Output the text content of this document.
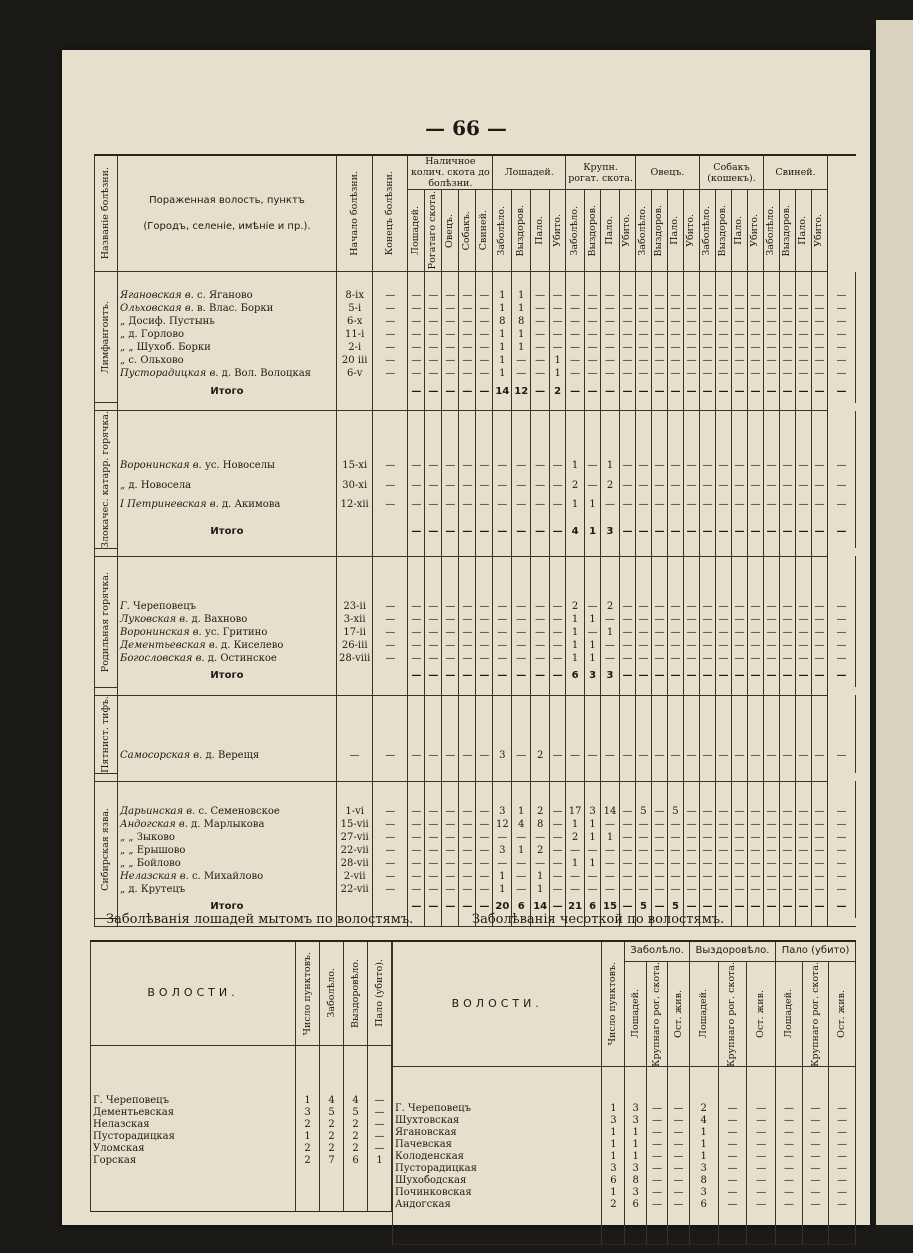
— 66 —
Названіе болѣзни.	Пораженная волость, пунктъ
(Городъ, селеніе, имѣніе и пр.).	Начало болѣзни.	Конецъ болѣзни.	Наличное колич. скота до болѣзни.					Лошадей.				Крупн. рогат. скота.				Овецъ.				Собакъ (кошекъ).				Свиней.				

				Лошадей.	Рогатаго скота.	Овецъ.	Собакъ.	Свиней.	Заболѣло.	Выздоров.	Пало.	Убито.	Заболѣло.	Выздоров.	Пало.	Убито.	Заболѣло.	Выздоров.	Пало.	Убито.	Заболѣло.	Выздоров.	Пало.	Убито.	Заболѣло.	Выздоров.	Пало.	Убито.	

Лимфангоитъ.																													

	Ягановская в. с. Яганово	8-ix	—	—	—	—	—	—	1	1	—	—	—	—	—	—	—	—	—	—	—	—	—	—	—	—	—	—	—
	Ольховская в. в. Влас. Борки	5-i	—	—	—	—	—	—	1	1	—	—	—	—	—	—	—	—	—	—	—	—	—	—	—	—	—	—	—
	„ Досиф. Пустынь	6-x	—	—	—	—	—	—	8	8	—	—	—	—	—	—	—	—	—	—	—	—	—	—	—	—	—	—	—
	„ д. Горлово	11-i	—	—	—	—	—	—	1	1	—	—	—	—	—	—	—	—	—	—	—	—	—	—	—	—	—	—	—
	„ „ Шухоб. Борки	2-i	—	—	—	—	—	—	1	1	—	—	—	—	—	—	—	—	—	—	—	—	—	—	—	—	—	—	—
	„ с. Ольхово	20 iii	—	—	—	—	—	—	1	—	—	1	—	—	—	—	—	—	—	—	—	—	—	—	—	—	—	—	—
	Пусторадицкая в. д. Вол. Волоцкая	6-v	—	—	—	—	—	—	1	—	—	1	—	—	—	—	—	—	—	—	—	—	—	—	—	—	—	—	—
	Итого			—	—	—	—	—	14	12	—	2	—	—	—	—	—	—	—	—	—	—	—	—	—	—	—	—	—

Злокачес. катарр. горячка.																													

	Воронинская в. ус. Новоселы	15-xi	—	—	—	—	—	—	—	—	—	—	1	—	1	—	—	—	—	—	—	—	—	—	—	—	—	—	—
	„ д. Новосела	30-xi	—	—	—	—	—	—	—	—	—	—	2	—	2	—	—	—	—	—	—	—	—	—	—	—	—	—	—
	I Петриневская в. д. Акимова	12-xii	—	—	—	—	—	—	—	—	—	—	1	1	—	—	—	—	—	—	—	—	—	—	—	—	—	—	—
	Итого			—	—	—	—	—	—	—	—	—	4	1	3	—	—	—	—	—	—	—	—	—	—	—	—	—	—

Родильная горячка.																													

	Г. Череповецъ	23-ii	—	—	—	—	—	—	—	—	—	—	2	—	2	—	—	—	—	—	—	—	—	—	—	—	—	—	—
	Луковская в. д. Вахново	3-xii	—	—	—	—	—	—	—	—	—	—	1	1	—	—	—	—	—	—	—	—	—	—	—	—	—	—	—
	Воронинская в. ус. Гритино	17-ii	—	—	—	—	—	—	—	—	—	—	1	—	1	—	—	—	—	—	—	—	—	—	—	—	—	—	—
	Дементьевская в. д. Киселево	26-iii	—	—	—	—	—	—	—	—	—	—	1	1	—	—	—	—	—	—	—	—	—	—	—	—	—	—	—
	Богословская в. д. Остинское	28-viii	—	—	—	—	—	—	—	—	—	—	1	1	—	—	—	—	—	—	—	—	—	—	—	—	—	—	—
	Итого			—	—	—	—	—	—	—	—	—	6	3	3	—	—	—	—	—	—	—	—	—	—	—	—	—	—

Пятнист. тифъ.																													

	Самосорская в. д. Верещя	—	—	—	—	—	—	—	3	—	2	—	—	—	—	—	—	—	—	—	—	—	—	—	—	—	—	—	—

Сибирская язва.																													

	Дарьинская в. с. Семеновское	1-vi	—	—	—	—	—	—	3	1	2	—	17	3	14	—	5	—	5	—	—	—	—	—	—	—	—	—	—
	Андогская в. д. Марлыкова	15-vii	—	—	—	—	—	—	12	4	8	—	1	1	—	—	—	—	—	—	—	—	—	—	—	—	—	—	—
	„ „ Зыково	27-vii	—	—	—	—	—	—	—	—	—	—	2	1	1	—	—	—	—	—	—	—	—	—	—	—	—	—	—
	„ „ Ерышово	22-vii	—	—	—	—	—	—	3	1	2	—	—	—	—	—	—	—	—	—	—	—	—	—	—	—	—	—	—
	„ „ Бойлово	28-vii	—	—	—	—	—	—	—	—	—	—	1	1	—	—	—	—	—	—	—	—	—	—	—	—	—	—	—
	Нелазская в. с. Михайлово	2-vii	—	—	—	—	—	—	1	—	1	—	—	—	—	—	—	—	—	—	—	—	—	—	—	—	—	—	—
	„ д. Крутецъ	22-vii	—	—	—	—	—	—	1	—	1	—	—	—	—	—	—	—	—	—	—	—	—	—	—	—	—	—	—
	Итого			—	—	—	—	—	20	6	14	—	21	6	15	—	5	—	5	—	—	—	—	—	—	—	—	—	—

Заболѣванія лошадей мытомъ по волостямъ.	Заболѣванія чесоткой по волостямъ.
ВОЛОСТИ.	Число пунктовъ.	Заболѣло.	Выздоровѣло.	Пало (убито).

Г. Череповецъ	1	4	4	—
Дементьевская	3	5	5	—
Нелазская	2	2	2	—
Пусторадицкая	1	2	2	—
Уломская	2	2	2	—
Горская	2	7	6	1

ВОЛОСТИ.	Число пунктовъ.	Заболѣло.			Выздоровѣло.			Пало (убито)		

		Лошадей.	Крупнаго рог. скота.	Ост. жив.	Лошадей.	Крупнаго рог. скота.	Ост. жив.	Лошадей.	Крупнаго рог. скота.	Ост. жив.

Г. Череповецъ	1	3	—	—	2	—	—	—	—	—
Шухтовская	3	3	—	—	4	—	—	—	—	—
Ягановская	1	1	—	—	1	—	—	—	—	—
Пачевская	1	1	—	—	1	—	—	—	—	—
Колоденская	1	1	—	—	1	—	—	—	—	—
Пусторадицкая	3	3	—	—	3	—	—	—	—	—
Шухободская	6	8	—	—	8	—	—	—	—	—
Починковская	1	3	—	—	3	—	—	—	—	—
Андогская	2	6	—	—	6	—	—	—	—	—
